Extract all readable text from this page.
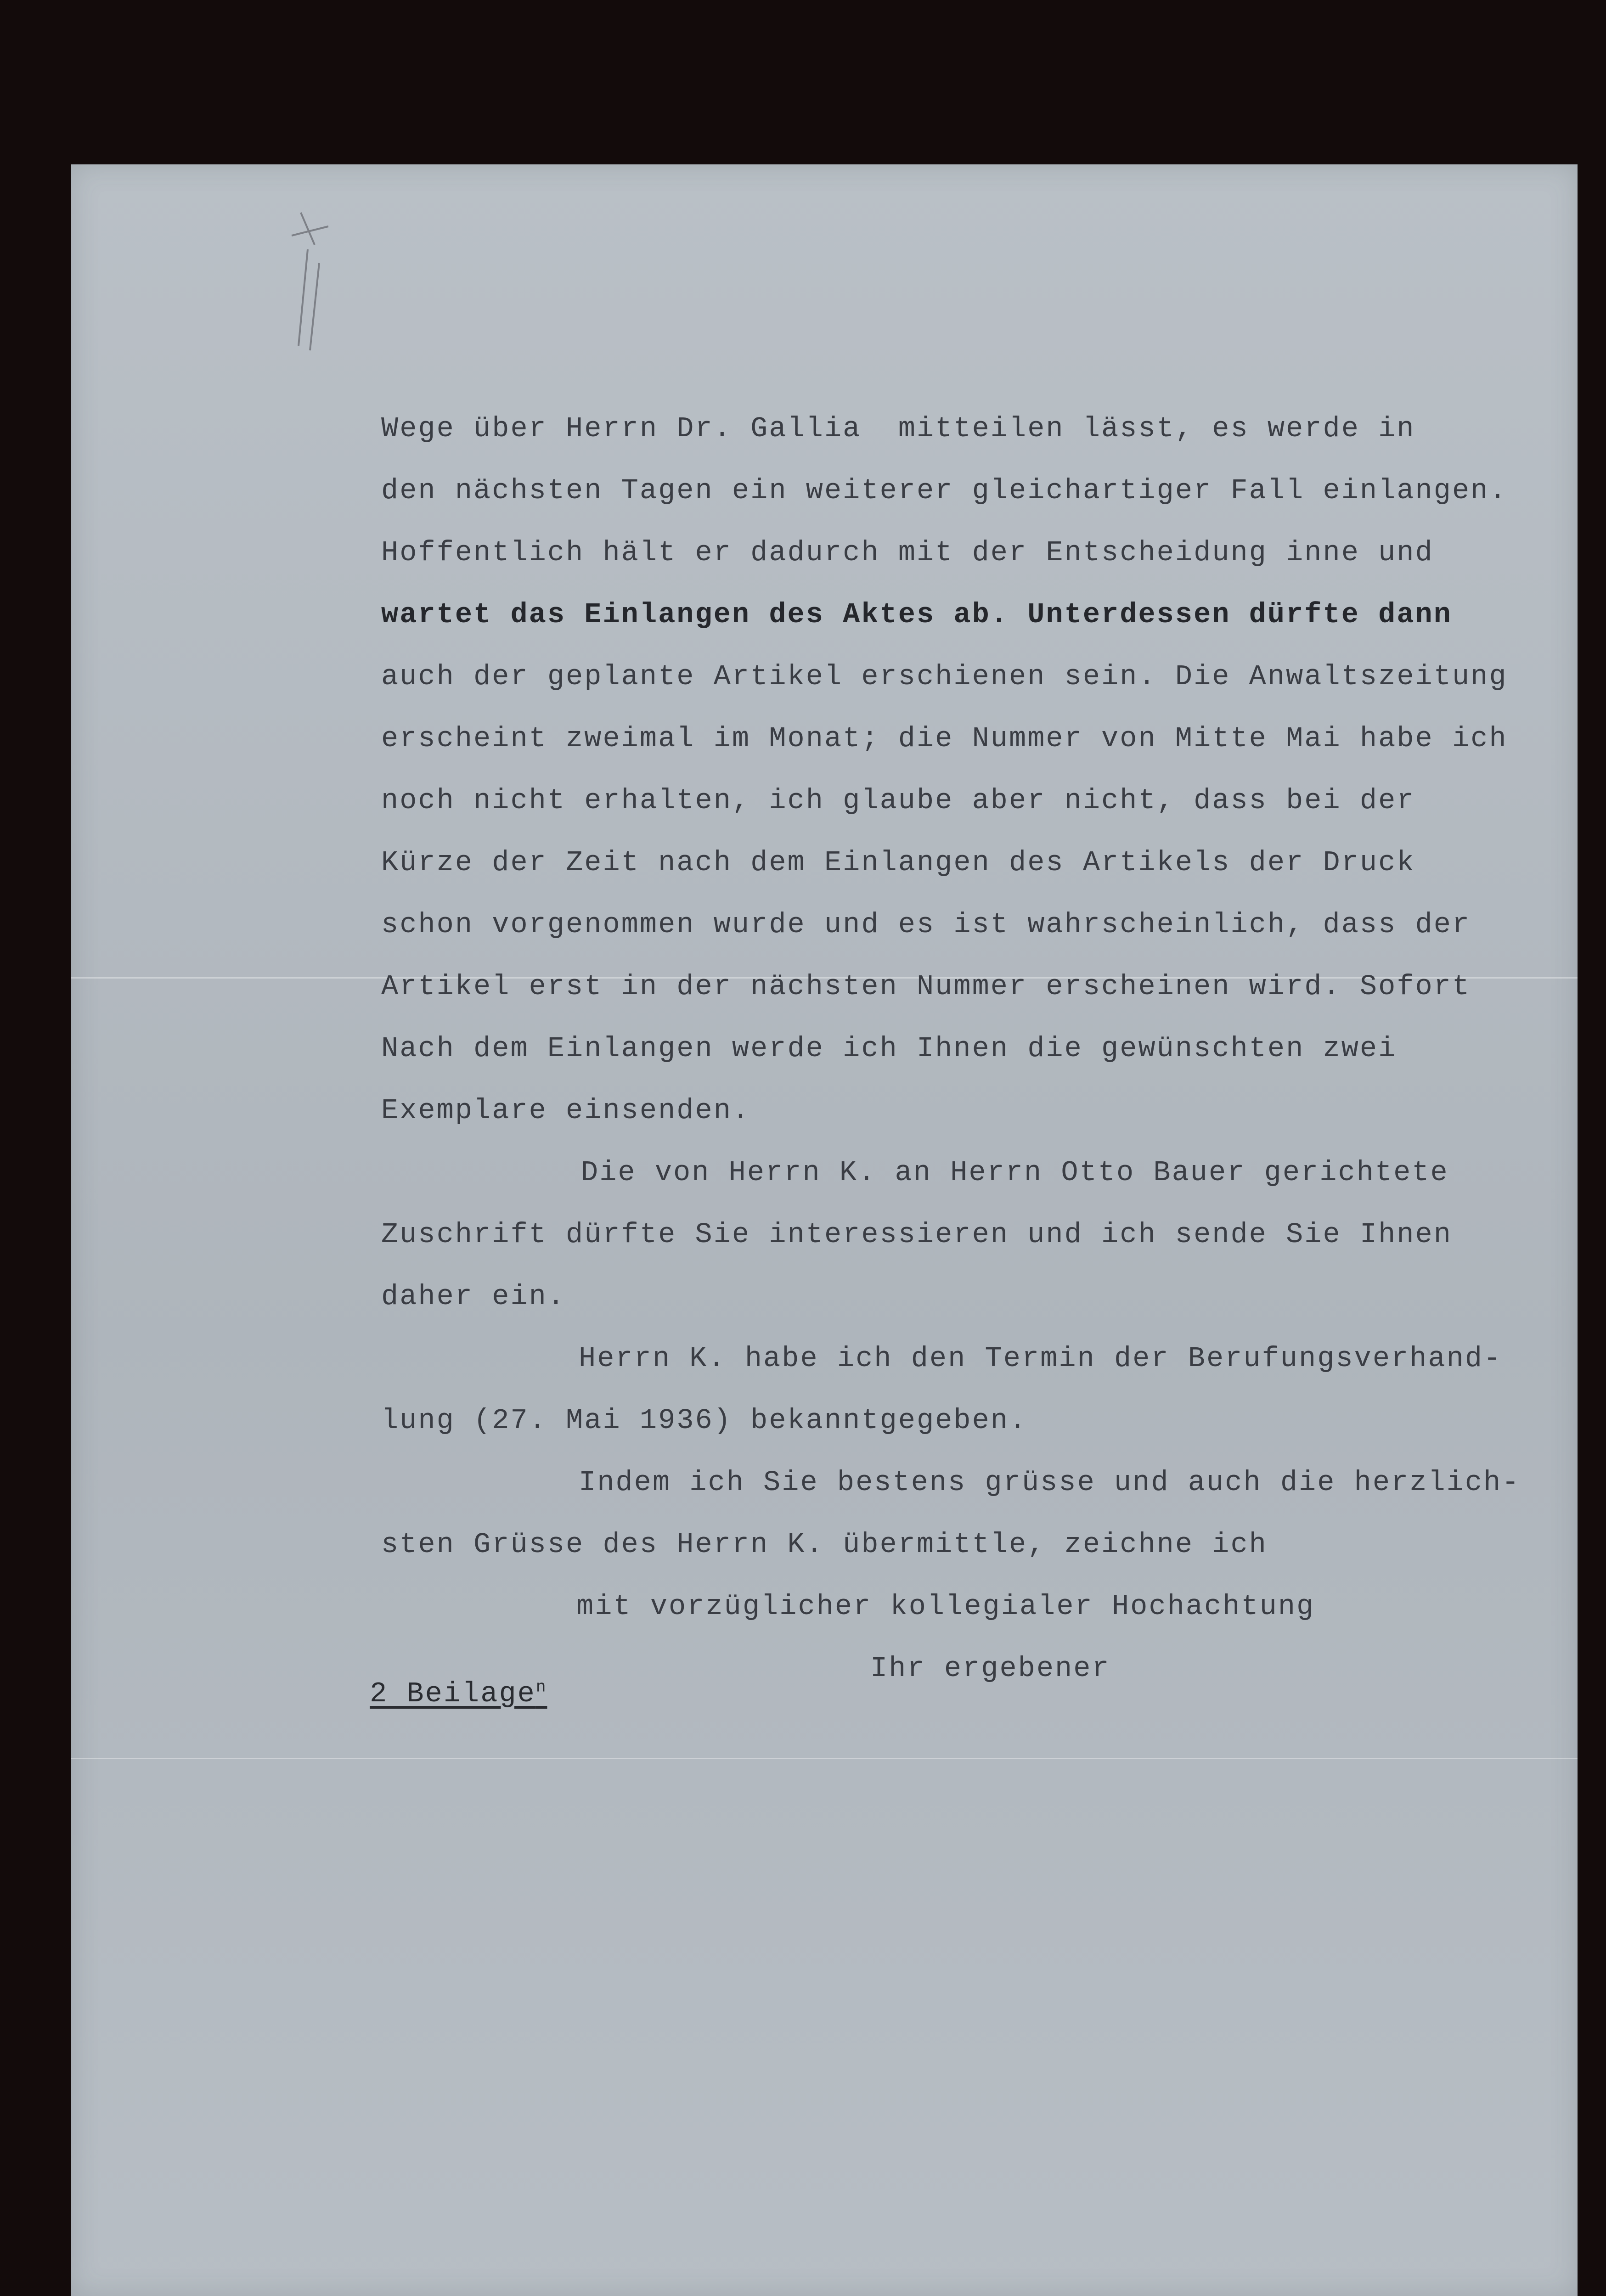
Wege über Herrn Dr. Gallia  mitteilen lässt, es werde in

den nächsten Tagen ein weiterer gleichartiger Fall einlangen.

Hoffentlich hält er dadurch mit der Entscheidung inne und

wartet das Einlangen des Aktes ab. Unterdessen dürfte dann

auch der geplante Artikel erschienen sein. Die Anwaltszeitung

erscheint zweimal im Monat; die Nummer von Mitte Mai habe ich

noch nicht erhalten, ich glaube aber nicht, dass bei der

Kürze der Zeit nach dem Einlangen des Artikels der Druck

schon vorgenommen wurde und es ist wahrscheinlich, dass der

Artikel erst in der nächsten Nummer erscheinen wird. Sofort

Nach dem Einlangen werde ich Ihnen die gewünschten zwei

Exemplare einsenden.

Die von Herrn K. an Herrn Otto Bauer gerichtete

Zuschrift dürfte Sie interessieren und ich sende Sie Ihnen

daher ein.

Herrn K. habe ich den Termin der Berufungsverhand-

lung (27. Mai 1936) bekanntgegeben.

Indem ich Sie bestens grüsse und auch die herzlich-

sten Grüsse des Herrn K. übermittle, zeichne ich

mit vorzüglicher kollegialer Hochachtung

Ihr ergebener

2 Beilage$^n$
